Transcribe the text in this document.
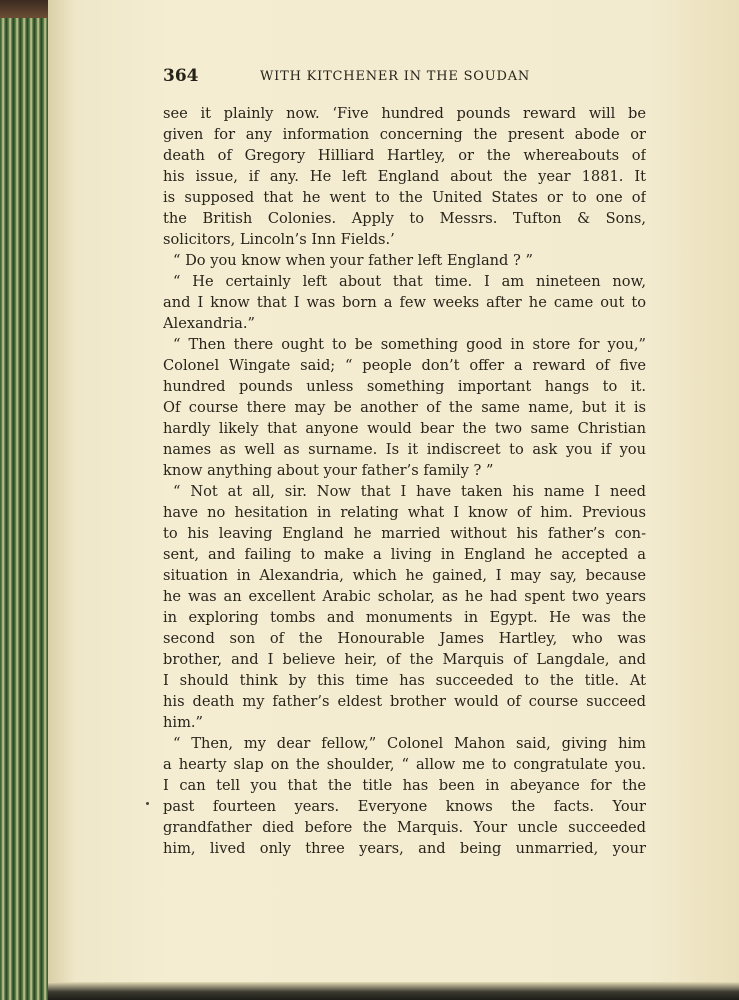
364	WITH KITCHENER IN THE SOUDAN
see it plainly now. ‘Five hundred pounds reward will be
given for any information concerning the present abode or
death of Gregory Hilliard Hartley, or the whereabouts of
his issue, if any. He left England about the year 1881. It
is supposed that he went to the United States or to one of
the British Colonies. Apply to Messrs. Tufton & Sons,
solicitors, Lincoln’s Inn Fields.’
“ Do you know when your father left England ? ”
“ He certainly left about that time. I am nineteen now,
and I know that I was born a few weeks after he came out to
Alexandria.”
“ Then there ought to be something good in store for you,”
Colonel Wingate said; “ people don’t offer a reward of five
hundred pounds unless something important hangs to it.
Of course there may be another of the same name, but it is
hardly likely that anyone would bear the two same Christian
names as well as surname. Is it indiscreet to ask you if you
know anything about your father’s family ? ”
“ Not at all, sir. Now that I have taken his name I need
have no hesitation in relating what I know of him. Previous
to his leaving England he married without his father’s con-
sent, and failing to make a living in England he accepted a
situation in Alexandria, which he gained, I may say, because
he was an excellent Arabic scholar, as he had spent two years
in exploring tombs and monuments in Egypt. He was the
second son of the Honourable James Hartley, who was
brother, and I believe heir, of the Marquis of Langdale, and
I should think by this time has succeeded to the title. At
his death my father’s eldest brother would of course succeed
him.”
“ Then, my dear fellow,” Colonel Mahon said, giving him
a hearty slap on the shoulder, “ allow me to congratulate you.
I can tell you that the title has been in abeyance for the
past fourteen years. Everyone knows the facts. Your
grandfather died before the Marquis. Your uncle succeeded
him, lived only three years, and being unmarried, your
